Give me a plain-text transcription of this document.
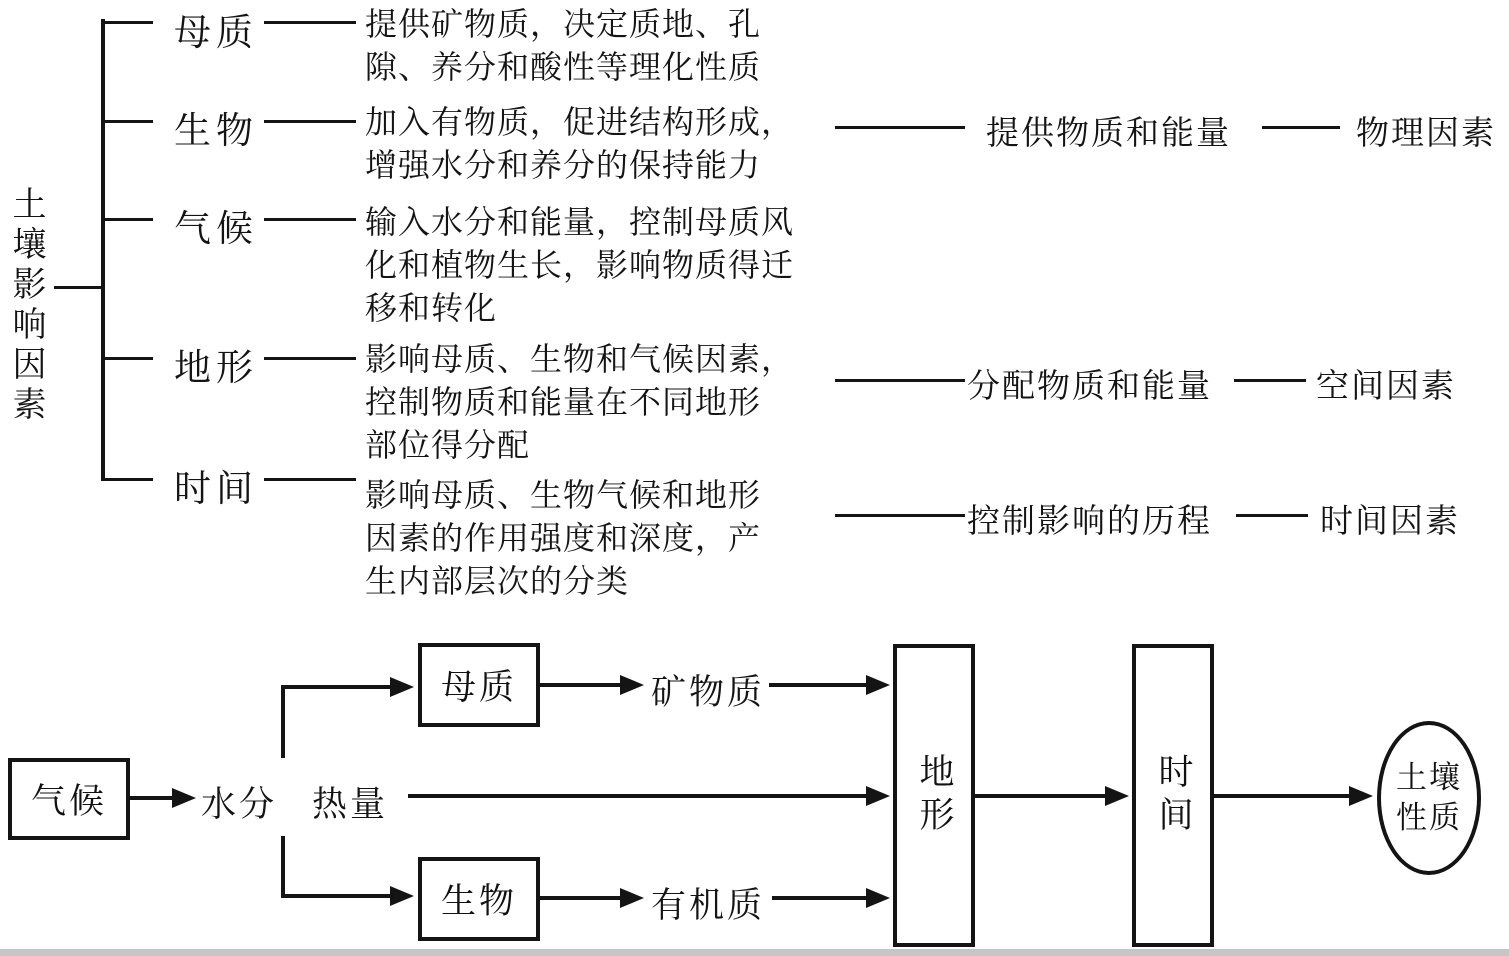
土壤影响因素
母质
生物
气候
地形
时间
提供矿物质，决定质地、孔
隙、养分和酸性等理化性质
加入有物质，促进结构形成，
增强水分和养分的保持能力
输入水分和能量，控制母质风
化和植物生长，影响物质得迁
移和转化
影响母质、生物和气候因素，
控制物质和能量在不同地形
部位得分配
影响母质、生物气候和地形
因素的作用强度和深度，产
生内部层次的分类
提供物质和能量	物理因素
分配物质和能量	空间因素
控制影响的历程	时间因素
气候	水分 热量
母质	矿物质
生物	有机质
地形	时间	土壤
性质
